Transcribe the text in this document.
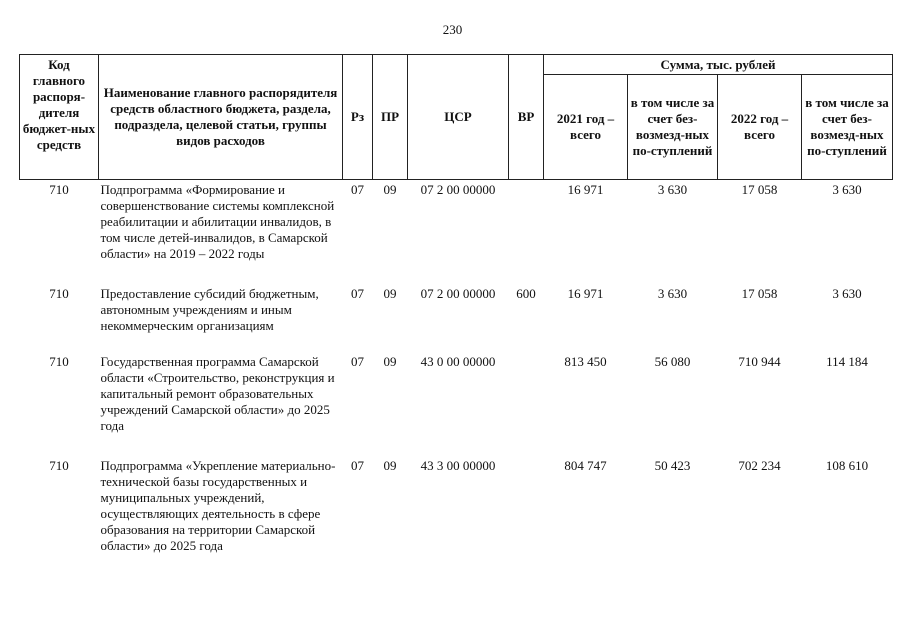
230
Код главного распоря-дителя бюджет-ных средств	Наименование главного распорядителя средств областного бюджета, раздела, подраздела, целевой статьи, группы видов расходов	Рз	ПР	ЦСР	ВР	Сумма, тыс. рублей			
						2021 год – всего	в том числе за счет без-возмезд-ных по-ступлений	2022 год – всего	в том числе за счет без-возмезд-ных по-ступлений
710	Подпрограмма «Формирование и совершенствование системы комплексной реабилитации и абилитации инвалидов, в том числе детей-инвалидов, в Самарской области» на 2019 – 2022 годы	07	09	07 2 00 00000		16 971	3 630	17 058	3 630
710	Предоставление субсидий бюджетным, автономным учреждениям и иным некоммерческим организациям	07	09	07 2 00 00000	600	16 971	3 630	17 058	3 630
710	Государственная программа Самарской области «Строительство, реконструкция и капитальный ремонт образовательных учреждений Самарской области» до 2025 года	07	09	43 0 00 00000		813 450	56 080	710 944	114 184
710	Подпрограмма «Укрепление материально-технической базы государственных и муниципальных учреждений, осуществляющих деятельность в сфере образования на территории Самарской области» до 2025 года	07	09	43 3 00 00000		804 747	50 423	702 234	108 610
